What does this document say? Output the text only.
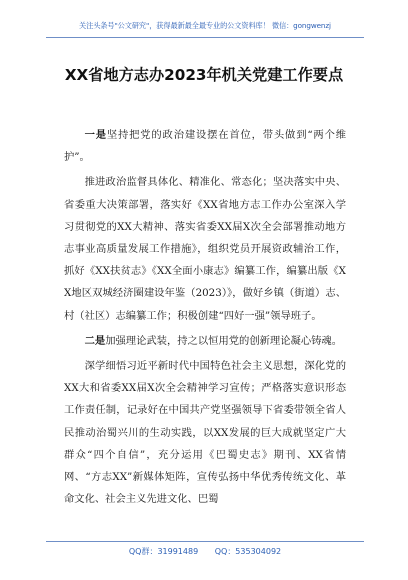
关注头条号"公文研究"，获得最新最全最专业的公文资料库！ 微信：gongwenzj
XX省地方志办2023年机关党建工作要点

一是坚持把党的政治建设摆在首位，带头做到“两个维护”。

推进政治监督具体化、精准化、常态化；坚决落实中央、省委重大决策部署，落实好《XX省地方志工作办公室深入学习贯彻党的XX大精神、落实省委XX届X次全会部署推动地方志事业高质量发展工作措施》，组织党员开展资政辅治工作，抓好《XX扶贫志》《XX全面小康志》编纂工作，编纂出版《XX地区双城经济圈建设年鉴（2023）》，做好乡镇（街道）志、村（社区）志编纂工作；积极创建“四好一强”领导班子。

二是加强理论武装，持之以恒用党的创新理论凝心铸魂。

深学细悟习近平新时代中国特色社会主义思想，深化党的XX大和省委XX届X次全会精神学习宣传；严格落实意识形态工作责任制，记录好在中国共产党坚强领导下省委带领全省人民推动治蜀兴川的生动实践，以XX发展的巨大成就坚定广大群众“四个自信”，充分运用《巴蜀史志》期刊、XX省情网、“方志XX”新媒体矩阵，宣传弘扬中华优秀传统文化、革命文化、社会主义先进文化、巴蜀

QQ群：31991489 QQ：535304092
